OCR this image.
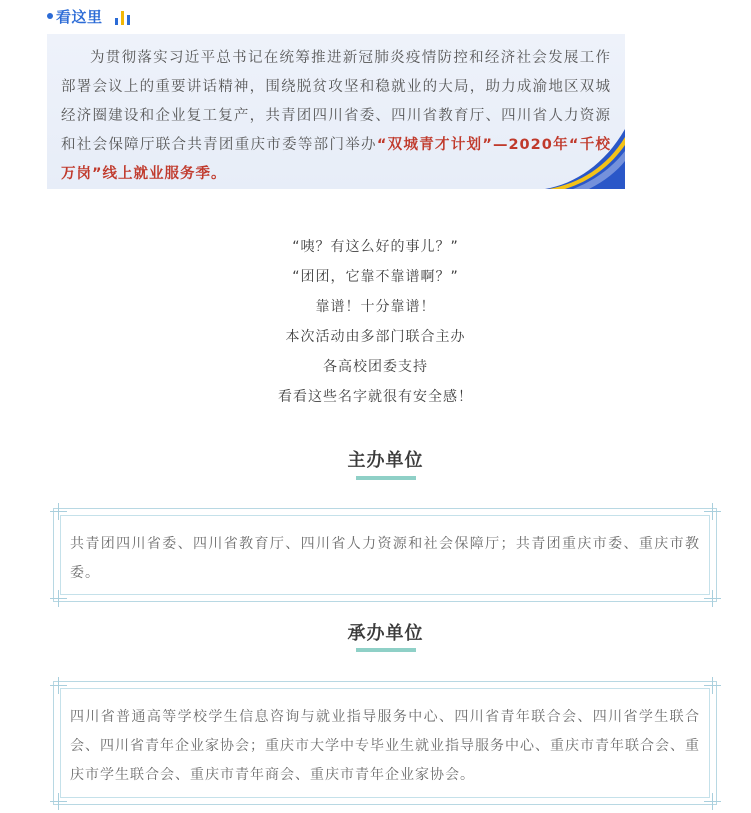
看这里

为贯彻落实习近平总书记在统筹推进新冠肺炎疫情防控和经济社会发展工作部署会议上的重要讲话精神，围绕脱贫攻坚和稳就业的大局，助力成渝地区双城经济圈建设和企业复工复产，共青团四川省委、四川省教育厅、四川省人力资源和社会保障厅联合共青团重庆市委等部门举办“双城青才计划”—2020年“千校万岗”线上就业服务季。

“咦？有这么好的事儿？”
“团团，它靠不靠谱啊？”
靠谱！十分靠谱！
本次活动由多部门联合主办
各高校团委支持
看看这些名字就很有安全感！
主办单位

共青团四川省委、四川省教育厅、四川省人力资源和社会保障厅；共青团重庆市委、重庆市教委。

承办单位

四川省普通高等学校学生信息咨询与就业指导服务中心、四川省青年联合会、四川省学生联合会、四川省青年企业家协会；重庆市大学中专毕业生就业指导服务中心、重庆市青年联合会、重庆市学生联合会、重庆市青年商会、重庆市青年企业家协会。
